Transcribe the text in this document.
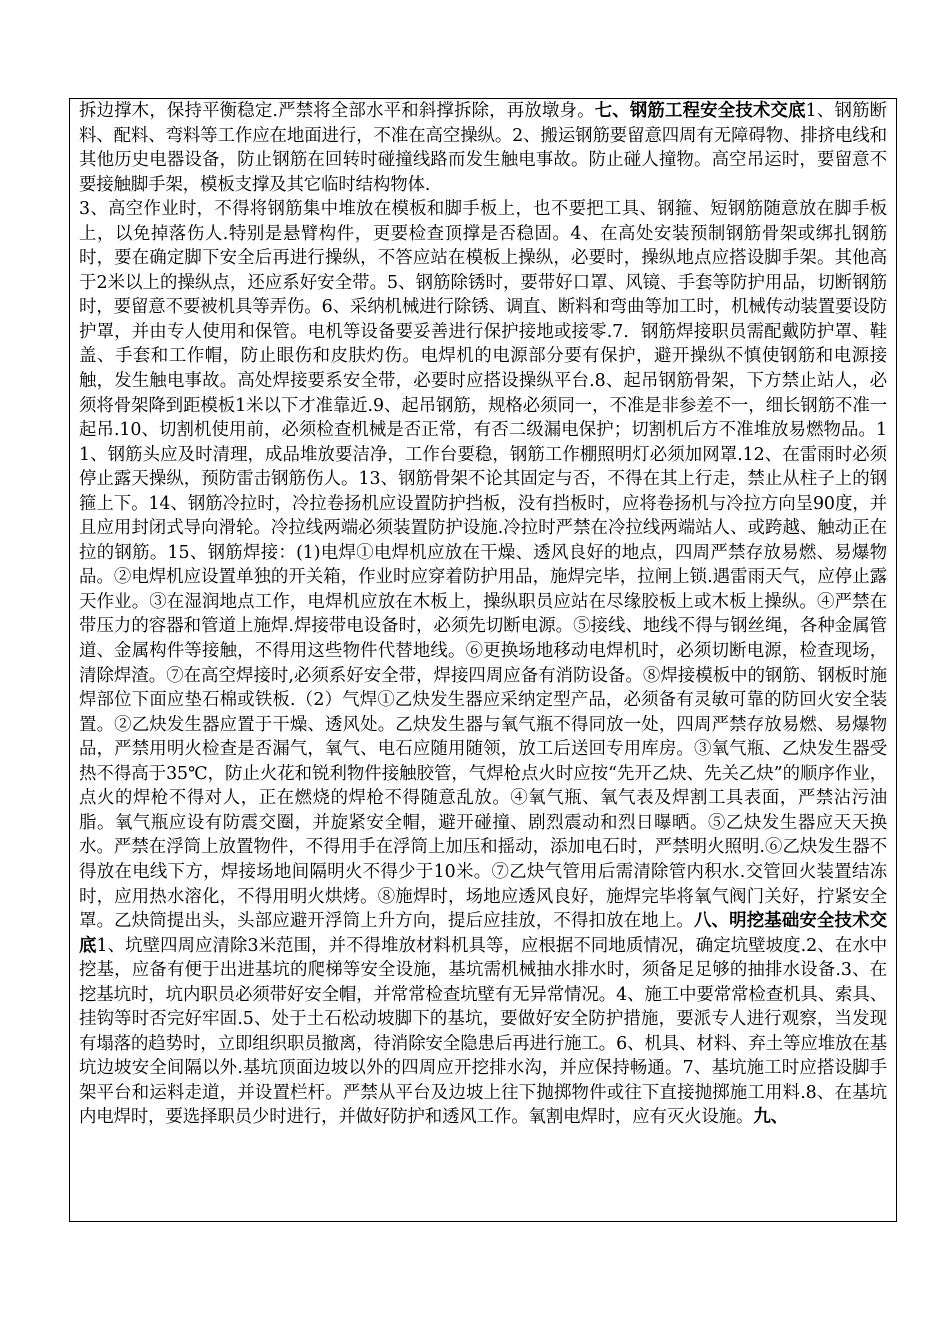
拆边撑木，保持平衡稳定.严禁将全部水平和斜撑拆除，再放墩身。七、钢筋工程安全技术交底1、钢筋断料、配料、弯料等工作应在地面进行，不准在高空操纵。2、搬运钢筋要留意四周有无障碍物、排挤电线和其他历史电器设备，防止钢筋在回转时碰撞线路而发生触电事故。防止碰人撞物。高空吊运时，要留意不要接触脚手架，模板支撑及其它临时结构物体.
3、高空作业时，不得将钢筋集中堆放在模板和脚手板上，也不要把工具、钢箍、短钢筋随意放在脚手板上，以免掉落伤人.特别是悬臂构件，更要检查顶撑是否稳固。4、在高处安装预制钢筋骨架或绑扎钢筋时，要在确定脚下安全后再进行操纵，不答应站在模板上操纵，必要时，操纵地点应搭设脚手架。其他高于2米以上的操纵点，还应系好安全带。5、钢筋除锈时，要带好口罩、风镜、手套等防护用品，切断钢筋时，要留意不要被机具等弄伤。6、采纳机械进行除锈、调直、断料和弯曲等加工时，机械传动装置要设防护罩，并由专人使用和保管。电机等设备要妥善进行保护接地或接零.7．钢筋焊接职员需配戴防护罩、鞋盖、手套和工作帽，防止眼伤和皮肤灼伤。电焊机的电源部分要有保护，避开操纵不慎使钢筋和电源接触，发生触电事故。高处焊接要系安全带，必要时应搭设操纵平台.8、起吊钢筋骨架，下方禁止站人，必须将骨架降到距模板1米以下才准靠近.9、起吊钢筋，规格必须同一，不准是非参差不一，细长钢筋不准一起吊.10、切割机使用前，必须检查机械是否正常，有否二级漏电保护；切割机后方不准堆放易燃物品。11、钢筋头应及时清理，成品堆放要洁净，工作台要稳，钢筋工作棚照明灯必须加网罩.12、在雷雨时必须停止露天操纵，预防雷击钢筋伤人。13、钢筋骨架不论其固定与否，不得在其上行走，禁止从柱子上的钢箍上下。14、钢筋冷拉时，冷拉卷扬机应设置防护挡板，没有挡板时，应将卷扬机与冷拉方向呈90度，并且应用封闭式导向滑轮。冷拉线两端必须装置防护设施.冷拉时严禁在冷拉线两端站人、或跨越、触动正在拉的钢筋。15、钢筋焊接：(1)电焊①电焊机应放在干燥、透风良好的地点，四周严禁存放易燃、易爆物品。②电焊机应设置单独的开关箱，作业时应穿着防护用品，施焊完毕，拉闸上锁.遇雷雨天气，应停止露天作业。③在湿润地点工作，电焊机应放在木板上，操纵职员应站在尽缘胶板上或木板上操纵。④严禁在带压力的容器和管道上施焊.焊接带电设备时，必须先切断电源。⑤接线、地线不得与钢丝绳，各种金属管道、金属构件等接触，不得用这些物件代替地线。⑥更换场地移动电焊机时，必须切断电源，检查现场，清除焊渣。⑦在高空焊接时,必须系好安全带，焊接四周应备有消防设备。⑧焊接模板中的钢筋、钢板时施焊部位下面应垫石棉或铁板.（2）气焊①乙炔发生器应采纳定型产品，必须备有灵敏可靠的防回火安全装置。②乙炔发生器应置于干燥、透风处。乙炔发生器与氧气瓶不得同放一处，四周严禁存放易燃、易爆物品，严禁用明火检查是否漏气，氧气、电石应随用随领，放工后送回专用库房。③氧气瓶、乙炔发生器受热不得高于35℃，防止火花和锐利物件接触胶管，气焊枪点火时应按“先开乙炔、先关乙炔”的顺序作业，点火的焊枪不得对人，正在燃烧的焊枪不得随意乱放。④氧气瓶、氧气表及焊割工具表面，严禁沾污油脂。氧气瓶应设有防震交圈，并旋紧安全帽，避开碰撞、剧烈震动和烈日曝晒。⑤乙炔发生器应天天换水。严禁在浮筒上放置物件，不得用手在浮筒上加压和摇动，添加电石时，严禁明火照明.⑥乙炔发生器不得放在电线下方，焊接场地间隔明火不得少于10米。⑦乙炔气管用后需清除管内积水.交管回火装置结冻时，应用热水溶化，不得用明火烘烤。⑧施焊时，场地应透风良好，施焊完毕将氧气阀门关好，拧紧安全罩。乙炔筒提出头，头部应避开浮筒上升方向，提后应挂放，不得扣放在地上。八、明挖基础安全技术交底1、坑壁四周应清除3米范围，并不得堆放材料机具等，应根据不同地质情况，确定坑壁坡度.2、在水中挖基，应备有便于出进基坑的爬梯等安全设施，基坑需机械抽水排水时，须备足足够的抽排水设备.3、在挖基坑时，坑内职员必须带好安全帽，并常常检查坑壁有无异常情况。4、施工中要常常检查机具、索具、挂钩等时否完好牢固.5、处于土石松动坡脚下的基坑，要做好安全防护措施，要派专人进行观察，当发现有塌落的趋势时，立即组织职员撤离，待消除安全隐患后再进行施工。6、机具、材料、弃土等应堆放在基坑边坡安全间隔以外.基坑顶面边坡以外的四周应开挖排水沟，并应保持畅通。7、基坑施工时应搭设脚手架平台和运料走道，并设置栏杆。严禁从平台及边坡上往下抛掷物件或往下直接抛掷施工用料.8、在基坑内电焊时，要选择职员少时进行，并做好防护和透风工作。氧割电焊时，应有灭火设施。九、
